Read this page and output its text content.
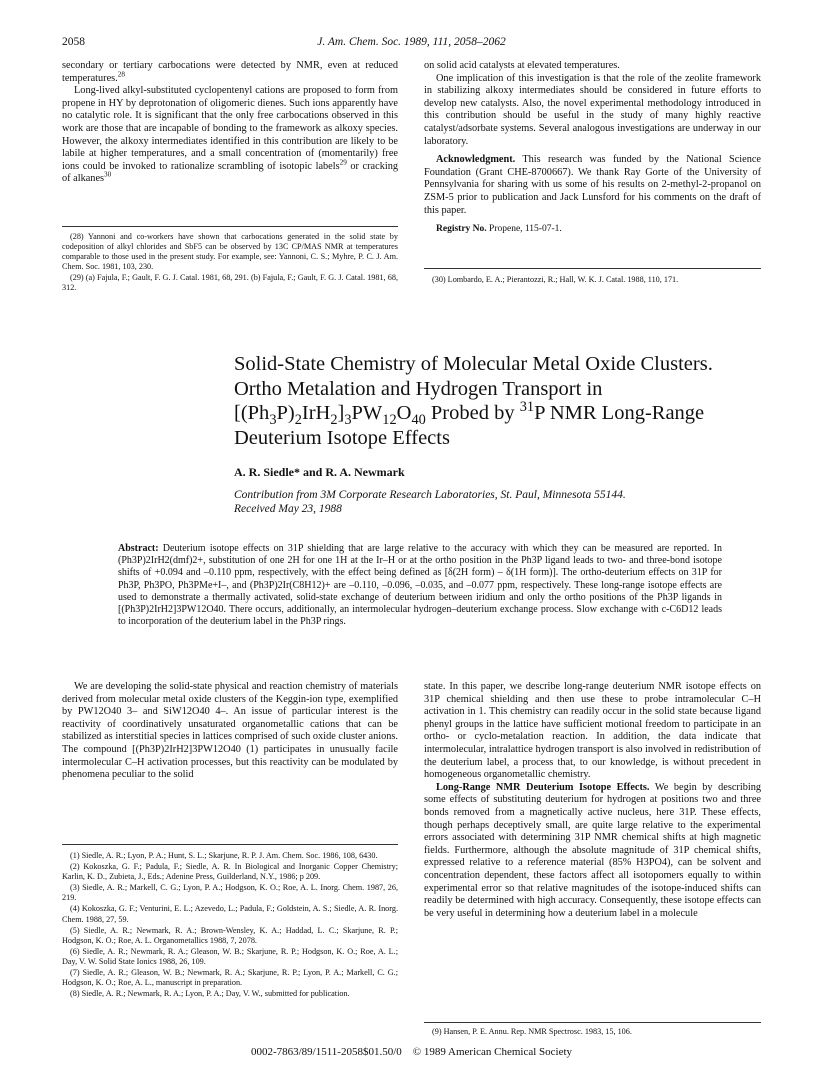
2058	J. Am. Chem. Soc. 1989, 111, 2058–2062

secondary or tertiary carbocations were detected by NMR, even at reduced temperatures.$^{28}$

Long-lived alkyl-substituted cyclopentenyl cations are proposed to form from propene in HY by deprotonation of oligomeric dienes. Such ions apparently have no catalytic role. It is significant that the only free carbocations observed in this work are those that are incapable of bonding to the framework as alkoxy species. However, the alkoxy intermediates identified in this contribution are likely to be labile at higher temperatures, and a small concentration of (momentarily) free ions could be invoked to rationalize scrambling of isotopic labels$^{29}$ or cracking of alkanes$^{30}$

(28) Yannoni and co-workers have shown that carbocations generated in the solid state by codeposition of alkyl chlorides and SbF5 can be observed by 13C CP/MAS NMR at temperatures comparable to those used in the present study. For example, see: Yannoni, C. S.; Myhre, P. C. J. Am. Chem. Soc. 1981, 103, 230.

(29) (a) Fajula, F.; Gault, F. G. J. Catal. 1981, 68, 291. (b) Fajula, F.; Gault, F. G. J. Catal. 1981, 68, 312.

on solid acid catalysts at elevated temperatures.

One implication of this investigation is that the role of the zeolite framework in stabilizing alkoxy intermediates should be considered in future efforts to develop new catalysts. Also, the novel experimental methodology introduced in this contribution should be useful in the study of many highly reactive catalyst/adsorbate systems. Several analogous investigations are underway in our laboratory.

Acknowledgment. This research was funded by the National Science Foundation (Grant CHE-8700667). We thank Ray Gorte of the University of Pennsylvania for sharing with us some of his results on 2-methyl-2-propanol on ZSM-5 prior to publication and Jack Lunsford for his comments on the draft of this paper.

Registry No. Propene, 115-07-1.

(30) Lombardo, E. A.; Pierantozzi, R.; Hall, W. K. J. Catal. 1988, 110, 171.

Solid-State Chemistry of Molecular Metal Oxide Clusters.
Ortho Metalation and Hydrogen Transport in
$[(Ph_3P)_2IrH_2]_3PW_{12}O_{40}$ Probed by $^{31}$P NMR Long-Range
Deuterium Isotope Effects
A. R. Siedle* and R. A. Newmark
Contribution from 3M Corporate Research Laboratories, St. Paul, Minnesota 55144.
Received May 23, 1988
Abstract: Deuterium isotope effects on 31P shielding that are large relative to the accuracy with which they can be measured are reported. In (Ph3P)2IrH2(dmf)2+, substitution of one 2H for one 1H at the Ir–H or at the ortho position in the Ph3P ligand leads to two- and three-bond isotope shifts of +0.094 and –0.110 ppm, respectively, with the effect being defined as [δ(2H form) – δ(1H form)]. The ortho-deuterium effects on 31P for Ph3P, Ph3PO, Ph3PMe+I–, and (Ph3P)2Ir(C8H12)+ are –0.110, –0.096, –0.035, and –0.077 ppm, respectively. These long-range isotope effects are used to demonstrate a thermally activated, solid-state exchange of deuterium between iridium and only the ortho positions of the Ph3P ligands in [(Ph3P)2IrH2]3PW12O40. There occurs, additionally, an intermolecular hydrogen–deuterium exchange process. Slow exchange with c-C6D12 leads to incorporation of the deuterium label in the Ph3P rings.

We are developing the solid-state physical and reaction chemistry of materials derived from molecular metal oxide clusters of the Keggin-ion type, exemplified by PW12O40 3– and SiW12O40 4–. An issue of particular interest is the reactivity of coordinatively unsaturated organometallic cations that can be stabilized as interstitial species in lattices comprised of such oxide cluster anions. The compound [(Ph3P)2IrH2]3PW12O40 (1) participates in unusually facile intermolecular C–H activation processes, but this reactivity can be modulated by phenomena peculiar to the solid

(1) Siedle, A. R.; Lyon, P. A.; Hunt, S. L.; Skarjune, R. P. J. Am. Chem. Soc. 1986, 108, 6430.

(2) Kokoszka, G. F.; Padula, F.; Siedle, A. R. In Biological and Inorganic Copper Chemistry; Karlin, K. D., Zubieta, J., Eds.; Adenine Press, Guilderland, N.Y., 1986; p 209.

(3) Siedle, A. R.; Markell, C. G.; Lyon, P. A.; Hodgson, K. O.; Roe, A. L. Inorg. Chem. 1987, 26, 219.

(4) Kokoszka, G. F.; Venturini, E. L.; Azevedo, L.; Padula, F.; Goldstein, A. S.; Siedle, A. R. Inorg. Chem. 1988, 27, 59.

(5) Siedle, A. R.; Newmark, R. A.; Brown-Wensley, K. A.; Haddad, L. C.; Skarjune, R. P.; Hodgson, K. O.; Roe, A. L. Organometallics 1988, 7, 2078.

(6) Siedle, A. R.; Newmark, R. A.; Gleason, W. B.; Skarjune, R. P.; Hodgson, K. O.; Roe, A. L.; Day, V. W. Solid State Ionics 1988, 26, 109.

(7) Siedle, A. R.; Gleason, W. B.; Newmark, R. A.; Skarjune, R. P.; Lyon, P. A.; Markell, C. G.; Hodgson, K. O.; Roe, A. L., manuscript in preparation.

(8) Siedle, A. R.; Newmark, R. A.; Lyon, P. A.; Day, V. W., submitted for publication.

state. In this paper, we describe long-range deuterium NMR isotope effects on 31P chemical shielding and then use these to probe intramolecular C–H activation in 1. This chemistry can readily occur in the solid state because ligand phenyl groups in the lattice have sufficient motional freedom to participate in an ortho- or cyclo-metalation reaction. In addition, the data indicate that intermolecular, intralattice hydrogen transport is also involved in redistribution of the deuterium label, a process that, to our knowledge, is without precedent in homogeneous organometallic chemistry.

Long-Range NMR Deuterium Isotope Effects. We begin by describing some effects of substituting deuterium for hydrogen at positions two and three bonds removed from a magnetically active nucleus, here 31P. These effects, though perhaps deceptively small, are quite large relative to the experimental errors associated with determining 31P NMR chemical shifts at high magnetic fields. Furthermore, although the absolute magnitude of 31P chemical shifts, expressed relative to a reference material (85% H3PO4), can be solvent and concentration dependent, these factors affect all isotopomers equally to within experimental error so that relative magnitudes of the isotope-induced shifts can readily be determined with high accuracy. Consequently, these isotope effects can be very useful in determining how a deuterium label in a molecule

(9) Hansen, P. E. Annu. Rep. NMR Spectrosc. 1983, 15, 106.

0002-7863/89/1511-2058$01.50/0 © 1989 American Chemical Society
